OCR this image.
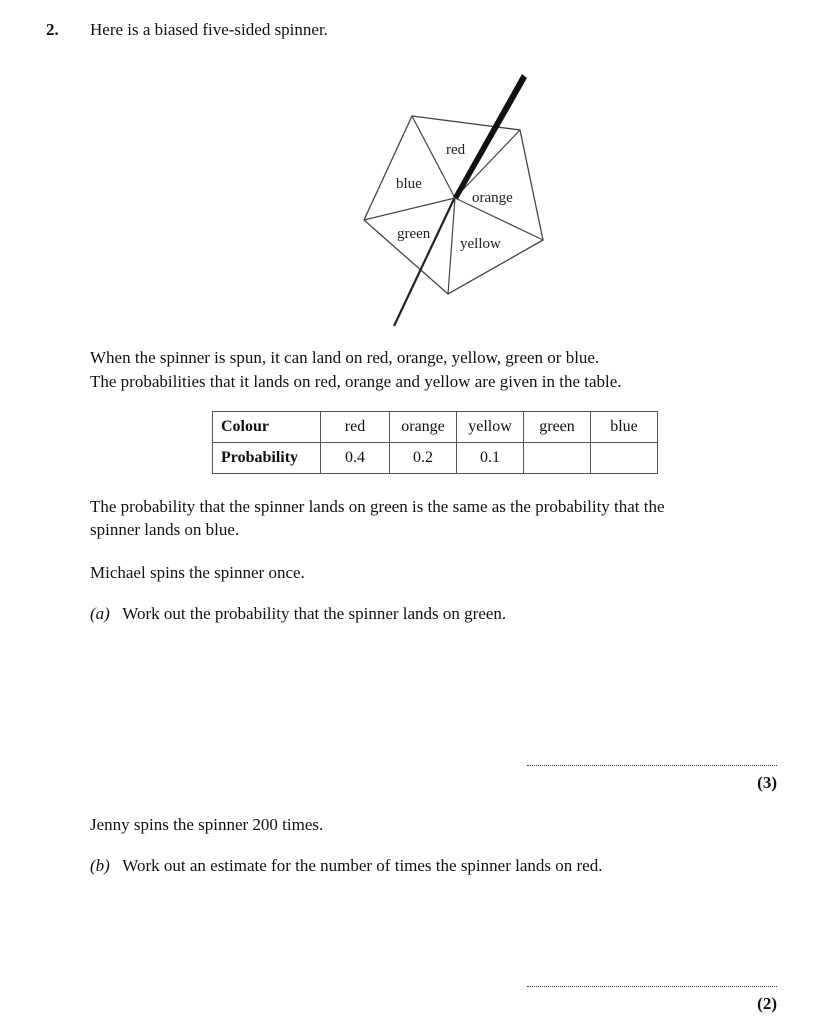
2. Here is a biased five-sided spinner.
red
orange
yellow
green
blue
When the spinner is spun, it can land on red, orange, yellow, green or blue.
The probabilities that it lands on red, orange and yellow are given in the table.
Colour	red	orange	yellow	green	blue
Probability	0.4	0.2	0.1		
The probability that the spinner lands on green is the same as the probability that the
spinner lands on blue.
Michael spins the spinner once.
(a) Work out the probability that the spinner lands on green.
(3)
Jenny spins the spinner 200 times.
(b) Work out an estimate for the number of times the spinner lands on red.
(2)
